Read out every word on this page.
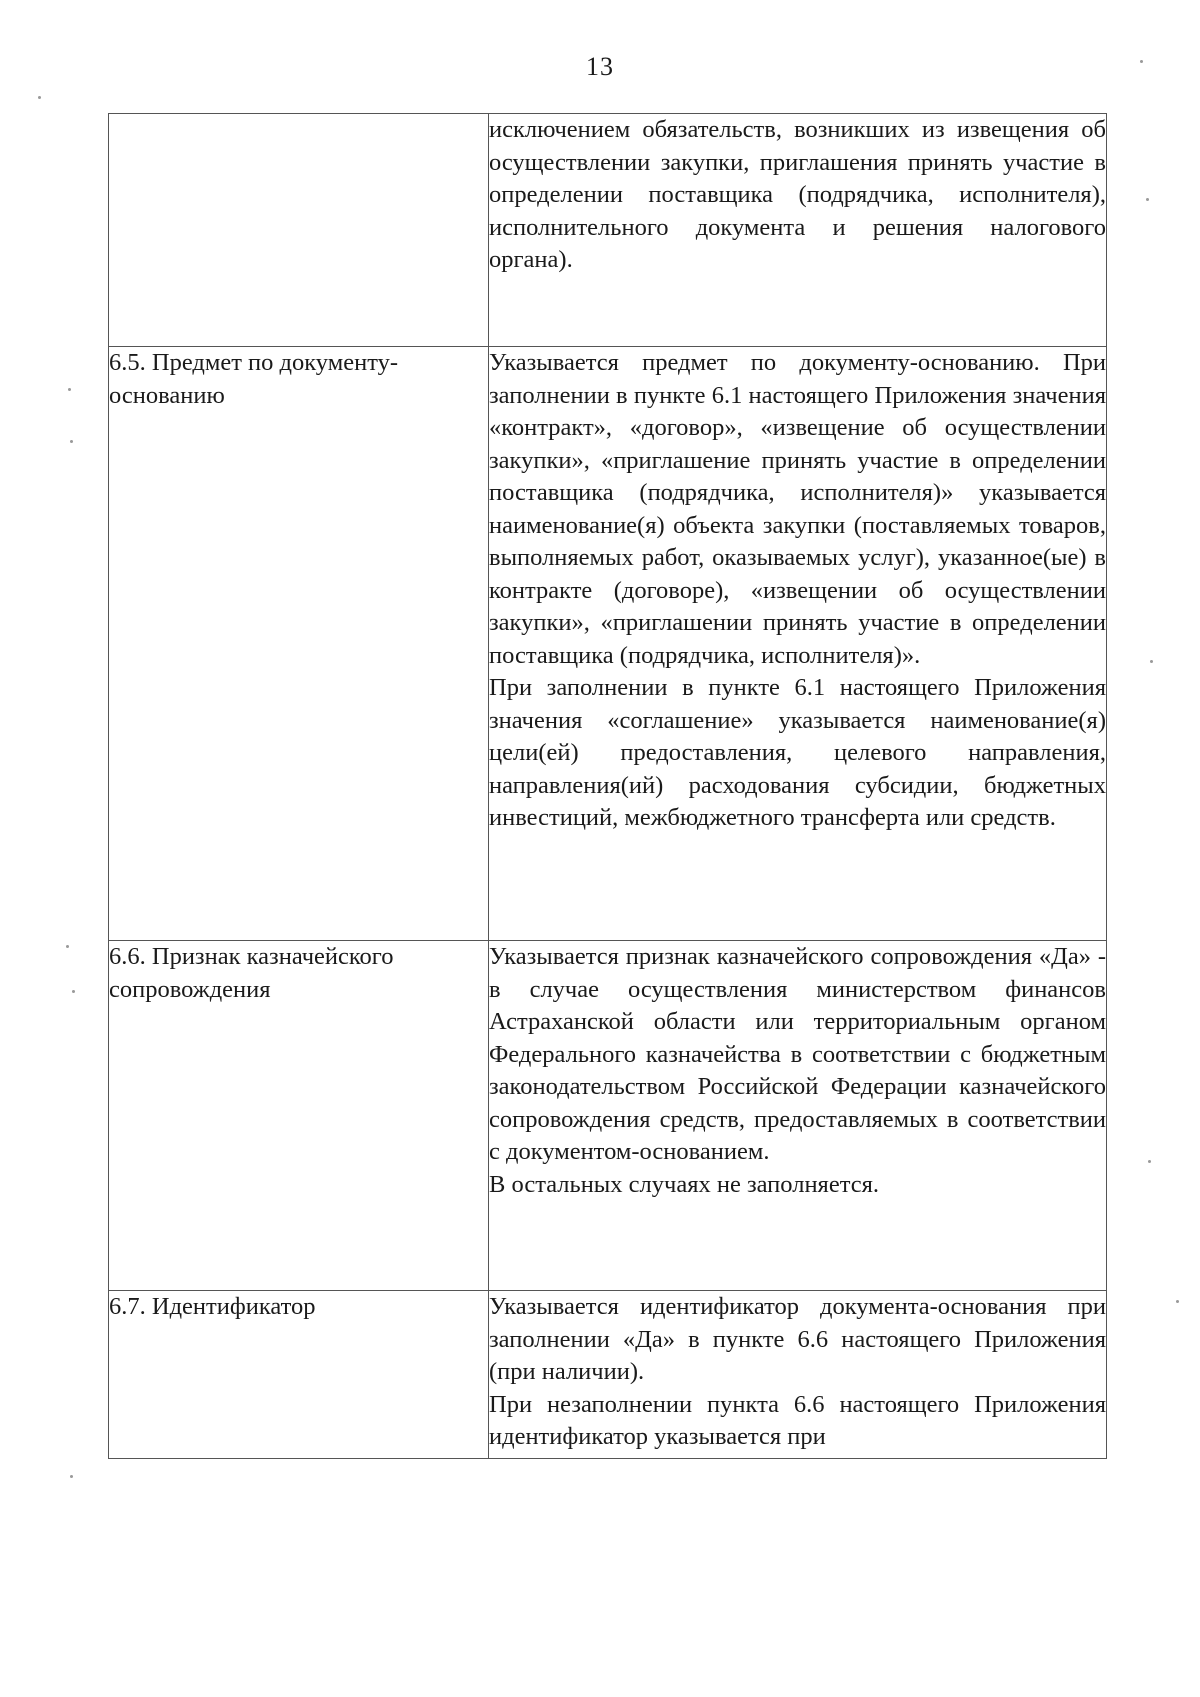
13

	исключением обязательств, возникших из извещения об осуществлении закупки, приглашения принять участие в определении поставщика (подрядчика, исполнителя), исполнительного документа и решения налогового органа).

6.5. Предмет по документу-основанию	Указывается предмет по документу-основанию. При заполнении в пункте 6.1 настоящего Приложения значения «контракт», «договор», «извещение об осуществлении закупки», «приглашение принять участие в определении поставщика (подрядчика, исполнителя)» указывается наименование(я) объекта закупки (поставляемых товаров, выполняемых работ, оказываемых услуг), указанное(ые) в контракте (договоре), «извещении об осуществлении закупки», «приглашении принять участие в определении поставщика (подрядчика, исполнителя)».

При заполнении в пункте 6.1 настоящего Приложения значения «соглашение» указывается наименование(я) цели(ей) предоставления, целевого направления, направления(ий) расходования субсидии, бюджетных инвестиций, межбюджетного трансферта или средств.

6.6. Признак казначейского сопровождения	Указывается признак казначейского сопровождения «Да» - в случае осуществления министерством финансов Астраханской области или территориальным органом Федерального казначейства в соответствии с бюджетным законодательством Российской Федерации казначейского сопровождения средств, предоставляемых в соответствии с документом-основанием.

В остальных случаях не заполняется.

6.7. Идентификатор	Указывается идентификатор документа-основания при заполнении «Да» в пункте 6.6 настоящего Приложения (при наличии).

При незаполнении пункта 6.6 настоящего Приложения идентификатор указывается при
